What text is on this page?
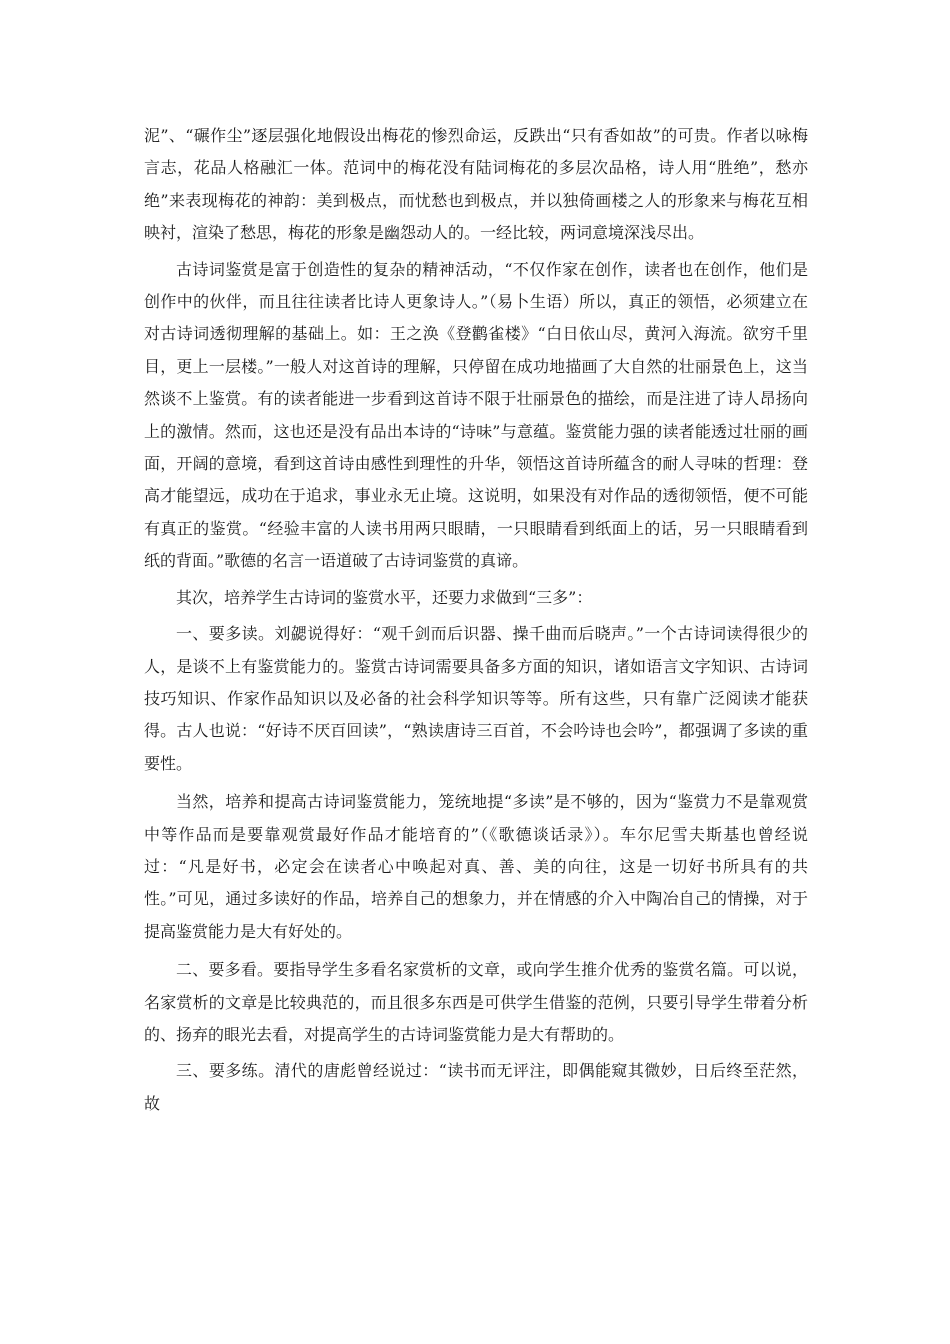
泥”、“碾作尘”逐层强化地假设出梅花的惨烈命运，反跌出“只有香如故”的可贵。作者以咏梅言志，花品人格融汇一体。范词中的梅花没有陆词梅花的多层次品格，诗人用“胜绝”，愁亦绝”来表现梅花的神韵：美到极点，而忧愁也到极点，并以独倚画楼之人的形象来与梅花互相映衬，渲染了愁思，梅花的形象是幽怨动人的。一经比较，两词意境深浅尽出。

古诗词鉴赏是富于创造性的复杂的精神活动，“不仅作家在创作，读者也在创作，他们是创作中的伙伴，而且往往读者比诗人更象诗人。”（易卜生语）所以，真正的领悟，必须建立在对古诗词透彻理解的基础上。如：王之涣《登鹳雀楼》“白日依山尽，黄河入海流。欲穷千里目，更上一层楼。”一般人对这首诗的理解，只停留在成功地描画了大自然的壮丽景色上，这当然谈不上鉴赏。有的读者能进一步看到这首诗不限于壮丽景色的描绘，而是注进了诗人昂扬向上的激情。然而，这也还是没有品出本诗的“诗味”与意蕴。鉴赏能力强的读者能透过壮丽的画面，开阔的意境，看到这首诗由感性到理性的升华，领悟这首诗所蕴含的耐人寻味的哲理：登高才能望远，成功在于追求，事业永无止境。这说明，如果没有对作品的透彻领悟，便不可能有真正的鉴赏。“经验丰富的人读书用两只眼睛，一只眼睛看到纸面上的话，另一只眼睛看到纸的背面。”歌德的名言一语道破了古诗词鉴赏的真谛。

其次，培养学生古诗词的鉴赏水平，还要力求做到“三多”：

一、要多读。刘勰说得好：“观千剑而后识器、操千曲而后晓声。”一个古诗词读得很少的人，是谈不上有鉴赏能力的。鉴赏古诗词需要具备多方面的知识，诸如语言文字知识、古诗词技巧知识、作家作品知识以及必备的社会科学知识等等。所有这些，只有靠广泛阅读才能获得。古人也说：“好诗不厌百回读”，“熟读唐诗三百首，不会吟诗也会吟”，都强调了多读的重要性。

当然，培养和提高古诗词鉴赏能力，笼统地提“多读”是不够的，因为“鉴赏力不是靠观赏中等作品而是要靠观赏最好作品才能培育的”（《歌德谈话录》）。车尔尼雪夫斯基也曾经说过：“凡是好书，必定会在读者心中唤起对真、善、美的向往，这是一切好书所具有的共性。”可见，通过多读好的作品，培养自己的想象力，并在情感的介入中陶冶自己的情操，对于提高鉴赏能力是大有好处的。

二、要多看。要指导学生多看名家赏析的文章，或向学生推介优秀的鉴赏名篇。可以说，名家赏析的文章是比较典范的，而且很多东西是可供学生借鉴的范例，只要引导学生带着分析的、扬弃的眼光去看，对提高学生的古诗词鉴赏能力是大有帮助的。

三、要多练。清代的唐彪曾经说过：“读书而无评注，即偶能窥其微妙，日后终至茫然，故
